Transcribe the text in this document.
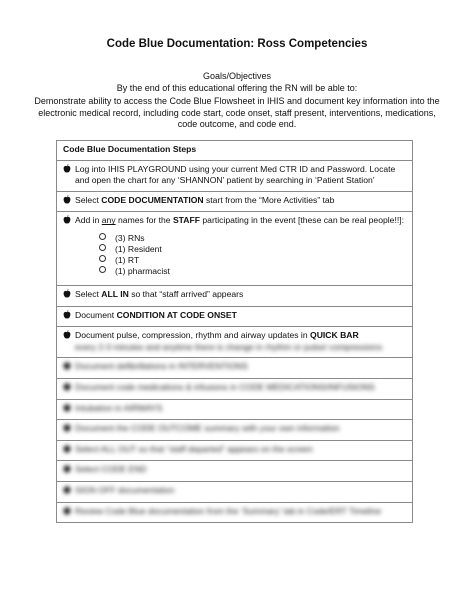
Code Blue Documentation: Ross Competencies
Goals/Objectives
By the end of this educational offering the RN will be able to:
Demonstrate ability to access the Code Blue Flowsheet in IHIS and document key information into the electronic medical record, including code start, code onset, staff present, interventions, medications, code outcome, and code end.
Code Blue Documentation Steps

Log into IHIS PLAYGROUND using your current Med CTR ID and Password. Locate and open the chart for any ‘SHANNON’ patient by searching in ‘Patient Station’

Select CODE DOCUMENTATION start from the “More Activities” tab

Add in any names for the STAFF participating in the event [these can be real people!!]:
(3) RNs
(1) Resident
(1) RT
(1) pharmacist

Select ALL IN so that “staff arrived” appears

Document CONDITION AT CODE ONSET

Document pulse, compression, rhythm and airway updates in QUICK BAR
every 2-3 minutes and anytime there is change in rhythm or pulse/ compressions

Document defibrillations in INTERVENTIONS

Document code medications & infusions in CODE MEDICATIONS/INFUSIONS

Intubation in AIRWAYS

Document the CODE OUTCOME summary with your own information

Select ALL OUT so that “staff departed” appears on the screen

Select CODE END

SIGN OFF documentation

Review Code Blue documentation from the ‘Summary’ tab in Code/ERT Timeline
